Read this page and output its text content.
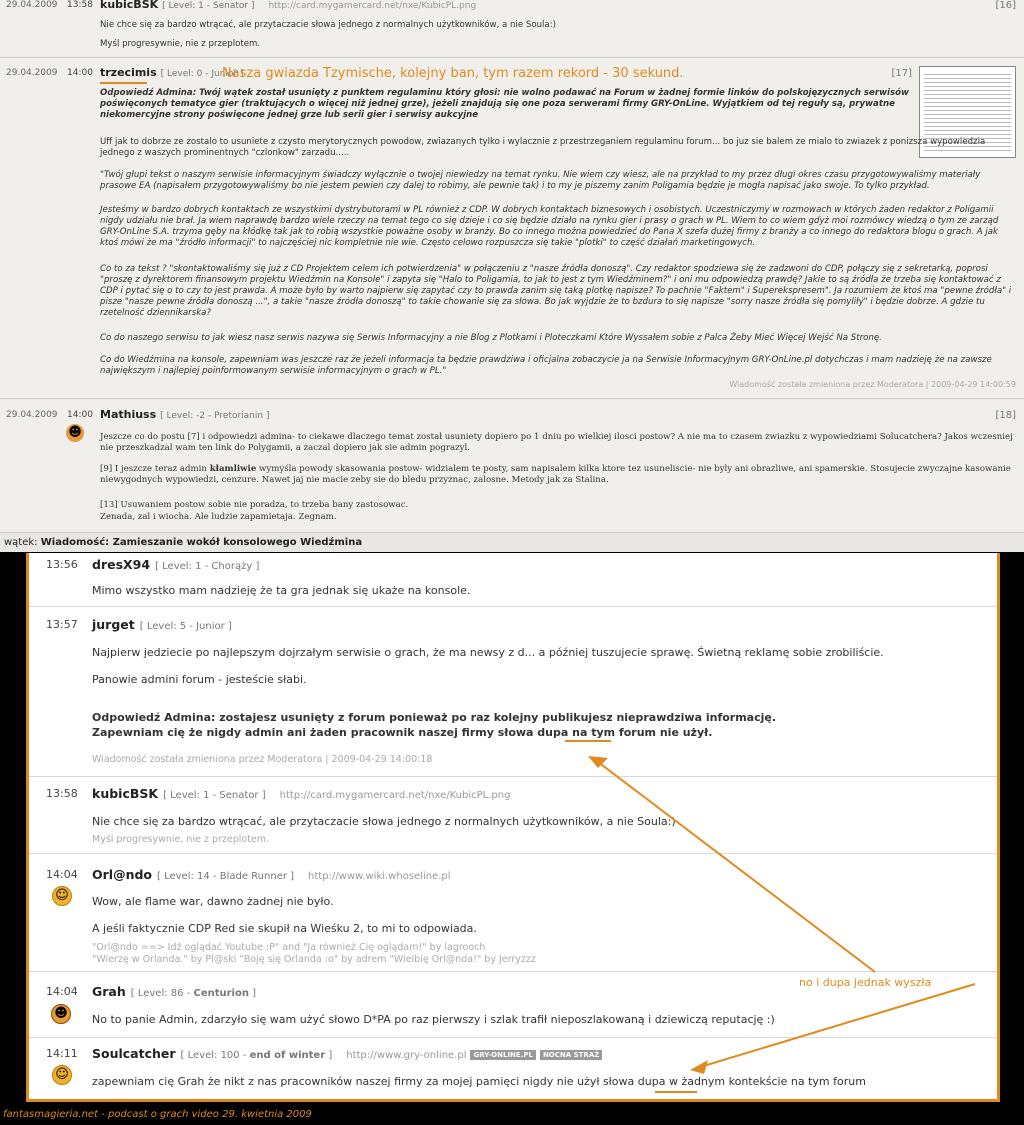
29.04.2009 13:58 kubicBSK [ Level: 1 - Senator ] http://card.mygamercard.net/nxe/KubicPL.png	[16]
Nie chce się za bardzo wtrącać, ale przytaczacie słowa jednego z normalnych użytkowników, a nie Soula:)
Myśl progresywnie, nie z przeplotem.
29.04.2009 14:00 trzecimis [ Level: 0 - Junior ]
Nasza gwiazda Tzymische, kolejny ban, tym razem rekord - 30 sekund.	[17]
Odpowiedź Admina: Twój wątek został usunięty z punktem regulaminu który głosi: nie wolno podawać na Forum w żadnej formie linków do polskojęzycznych serwisów poświęconych tematyce gier (traktujących o więcej niż jednej grze), jeżeli znajdują się one poza serwerami firmy GRY-OnLine. Wyjątkiem od tej reguły są, prywatne niekomercyjne strony poświęcone jednej grze lub serii gier i serwisy aukcyjne
Uff jak to dobrze ze zostalo to usuniete z czysto merytorycznych powodow, zwiazanych tylko i wylacznie z przestrzeganiem regulaminu forum... bo juz sie balem ze mialo to zwiazek z ponizsza wypowiedzia jednego z waszych prominentnych "czlonkow" zarzadu.....
"Twój głupi tekst o naszym serwisie informacyjnym świadczy wyłącznie o twojej niewiedzy na temat rynku. Nie wiem czy wiesz, ale na przykład to my przez długi okres czasu przygotowywaliśmy materiały prasowe EA (napisałem przygotowywaliśmy bo nie jestem pewien czy dalej to robimy, ale pewnie tak) i to my je piszemy zanim Poligamia będzie je mogła napisać jako swoje. To tylko przykład.
Jesteśmy w bardzo dobrych kontaktach ze wszystkimi dystrybutorami w PL również z CDP. W dobrych kontaktach biznesowych i osobistych. Uczestniczymy w rozmowach w których żaden redaktor z Poligamii nigdy udziału nie brał. Ja wiem naprawdę bardzo wiele rzeczy na temat tego co się dzieje i co się będzie działo na rynku gier i prasy o grach w PL. Wiem to co wiem gdyż moi rozmówcy wiedzą o tym ze zarząd GRY-OnLine S.A. trzyma gęby na kłódkę tak jak to robią wszystkie poważne osoby w branży. Bo co innego można powiedzieć do Pana X szefa dużej firmy z branży a co innego do redaktora blogu o grach. A jak ktoś mówi że ma "źródło informacji" to najczęściej nic kompletnie nie wie. Często celowo rozpuszcza się takie "plotki" to część działań marketingowych.
Co to za tekst ? "skontaktowaliśmy się już z CD Projektem celem ich potwierdzenia" w połączeniu z "nasze źródła donoszą". Czy redaktor spodziewa się że zadzwoni do CDP, połączy się z sekretarką, poprosi "proszę z dyrektorem finansowym projektu Wiedźmin na Konsole" i zapyta się "Halo to Poligamia, to jak to jest z tym Wiedźminem?" i oni mu odpowiedzą prawdę? Jakie to są źródła że trzeba się kontaktować z CDP i pytać się o to czy to jest prawda. A może było by warto najpierw się zapytać czy to prawda zanim się taką plotkę napisze? To pachnie "Faktem" i Superekspresem". Ja rozumiem że ktoś ma "pewne źródła" i pisze "nasze pewne źródła donoszą ...", a takie "nasze źródła donoszą" to takie chowanie się za słowa. Bo jak wyjdzie że to bzdura to się napisze "sorry nasze źródła się pomyliły" i będzie dobrze. A gdzie tu rzetelność dziennikarska?
Co do naszego serwisu to jak wiesz nasz serwis nazywa się Serwis Informacyjny a nie Blog z Plotkami i Ploteczkami Które Wyssałem sobie z Palca Żeby Mieć Więcej Wejść Na Stronę.
Co do Wiedźmina na konsole, zapewniam was jeszcze raz że jeżeli informacja ta będzie prawdziwa i oficjalna zobaczycie ja na Serwisie Informacyjnym GRY-OnLine.pl dotychczas i mam nadzieję że na zawsze największym i najlepiej poinformowanym serwisie informacyjnym o grach w PL."
Wiadomość została zmieniona przez Moderatora | 2009-04-29 14:00:59
29.04.2009 14:00 Mathiuss [ Level: -2 - Pretorianin ]	[18]
☻ Jeszcze co do postu [7] i odpowiedzi admina- to ciekawe dlaczego temat został usuniety dopiero po 1 dniu po wielkiej ilosci postow? A nie ma to czasem zwiazku z wypowiedziami Solucatchera? Jakos wczesniej nie przeszkadzal wam ten link do Polygamii, a zaczal dopiero jak sie admin pograzyl.
[9] I jeszcze teraz admin kłamliwie wymyśla powody skasowania postow- widzialem te posty, sam napisalem kilka ktore tez usuneliscie- nie byly ani obrazliwe, ani spamerskie. Stosujecie zwyczajne kasowanie niewygodnych wypowiedzi, cenzure. Nawet jaj nie macie zeby sie do bledu przyznac, zalosne. Metody jak za Stalina.
[13] Usuwaniem postow sobie nie poradza, to trzeba bany zastosowac.
Zenada, zal i wiocha. Ale ludzie zapamietaja. Zegnam.
wątek: Wiadomość: Zamieszanie wokół konsolowego Wiedźmina
13:56 dresX94 [ Level: 1 - Chorąży ]
Mimo wszystko mam nadzieję że ta gra jednak się ukaże na konsole.
13:57 jurget [ Level: 5 - Junior ]
Najpierw jedziecie po najlepszym dojrzałym serwisie o grach, że ma newsy z d... a później tuszujecie sprawę. Świetną reklamę sobie zrobiliście.
Panowie admini forum - jesteście słabi.
Odpowiedź Admina: zostajesz usunięty z forum ponieważ po raz kolejny publikujesz nieprawdziwa informację.
Zapewniam cię że nigdy admin ani żaden pracownik naszej firmy słowa dupa na tym forum nie użył.
Wiadomość została zmieniona przez Moderatora | 2009-04-29 14:00:18
13:58 kubicBSK [ Level: 1 - Senator ] http://card.mygamercard.net/nxe/KubicPL.png
Nie chce się za bardzo wtrącać, ale przytaczacie słowa jednego z normalnych użytkowników, a nie Soula:)
Myśl progresywnie, nie z przeplotem.
14:04
☺
Orl@ndo [ Level: 14 - Blade Runner ] http://www.wiki.whoseline.pl
Wow, ale flame war, dawno żadnej nie było.
A jeśli faktycznie CDP Red sie skupił na Wieśku 2, to mi to odpowiada.
"Orl@ndo ==> Idź oglądać Youtube :P" and "Ja również Cię oglądam!" by lagrooch
"Wierzę w Orlanda." by Pl@ski "Boję się Orlanda :o" by adrem "Wielbię Orl@nda!" by Jerryzzz
14:04
☻
Grah [ Level: 86 - Centurion ]
No to panie Admin, zdarzyło się wam użyć słowo D*PA po raz pierwszy i szlak trafił nieposzlakowaną i dziewiczą reputację :)
14:11
☺
Soulcatcher [ Level: 100 - end of winter ] http://www.gry-online.pl GRY-ONLINE.PL NOCNA STRAŻ
zapewniam cię Grah że nikt z nas pracowników naszej firmy za mojej pamięci nigdy nie użył słowa dupa w żadnym kontekście na tym forum
no i dupa jednak wyszła
fantasmagieria.net - podcast o grach video 29. kwietnia 2009
